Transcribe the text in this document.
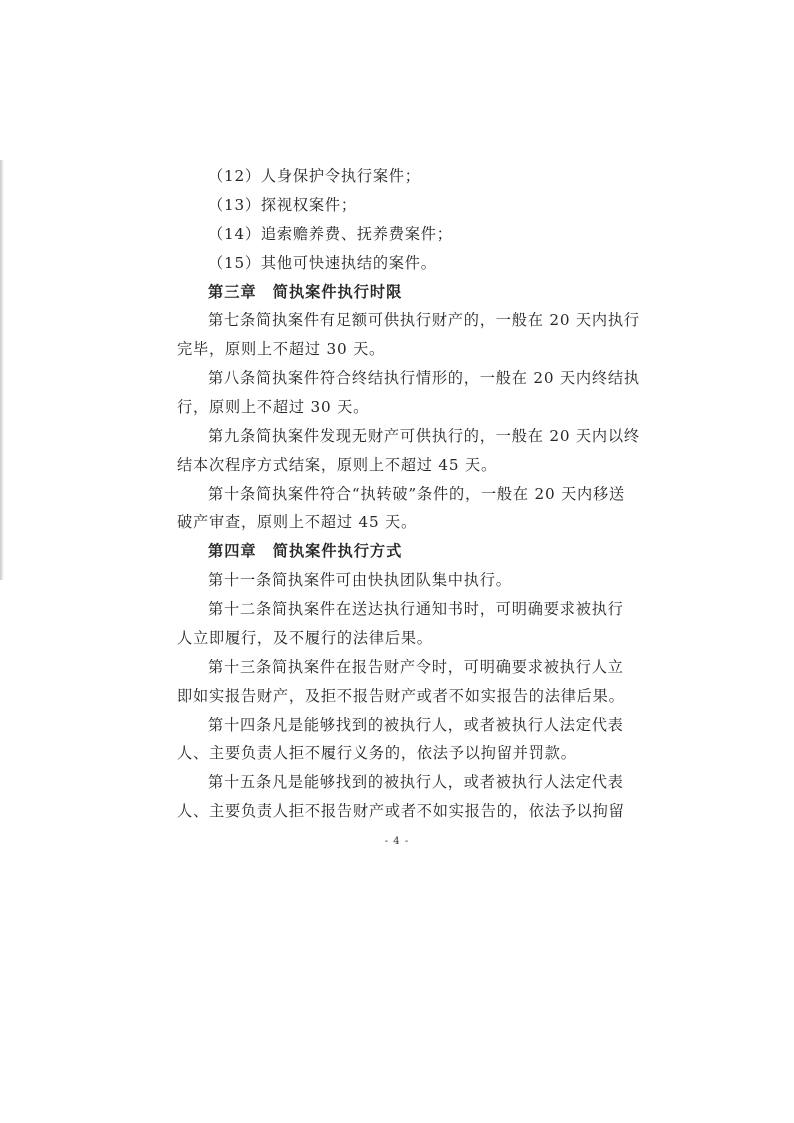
（12）人身保护令执行案件；
（13）探视权案件；
（14）追索赡养费、抚养费案件；
（15）其他可快速执结的案件。
第三章　简执案件执行时限
第七条简执案件有足额可供执行财产的，一般在 20 天内执行
完毕，原则上不超过 30 天。
第八条简执案件符合终结执行情形的，一般在 20 天内终结执
行，原则上不超过 30 天。
第九条简执案件发现无财产可供执行的，一般在 20 天内以终
结本次程序方式结案，原则上不超过 45 天。
第十条简执案件符合“执转破”条件的，一般在 20 天内移送
破产审查，原则上不超过 45 天。
第四章　简执案件执行方式
第十一条简执案件可由快执团队集中执行。
第十二条简执案件在送达执行通知书时，可明确要求被执行
人立即履行，及不履行的法律后果。
第十三条简执案件在报告财产令时，可明确要求被执行人立
即如实报告财产，及拒不报告财产或者不如实报告的法律后果。
第十四条凡是能够找到的被执行人，或者被执行人法定代表
人、主要负责人拒不履行义务的，依法予以拘留并罚款。
第十五条凡是能够找到的被执行人，或者被执行人法定代表
人、主要负责人拒不报告财产或者不如实报告的，依法予以拘留
- 4 -
